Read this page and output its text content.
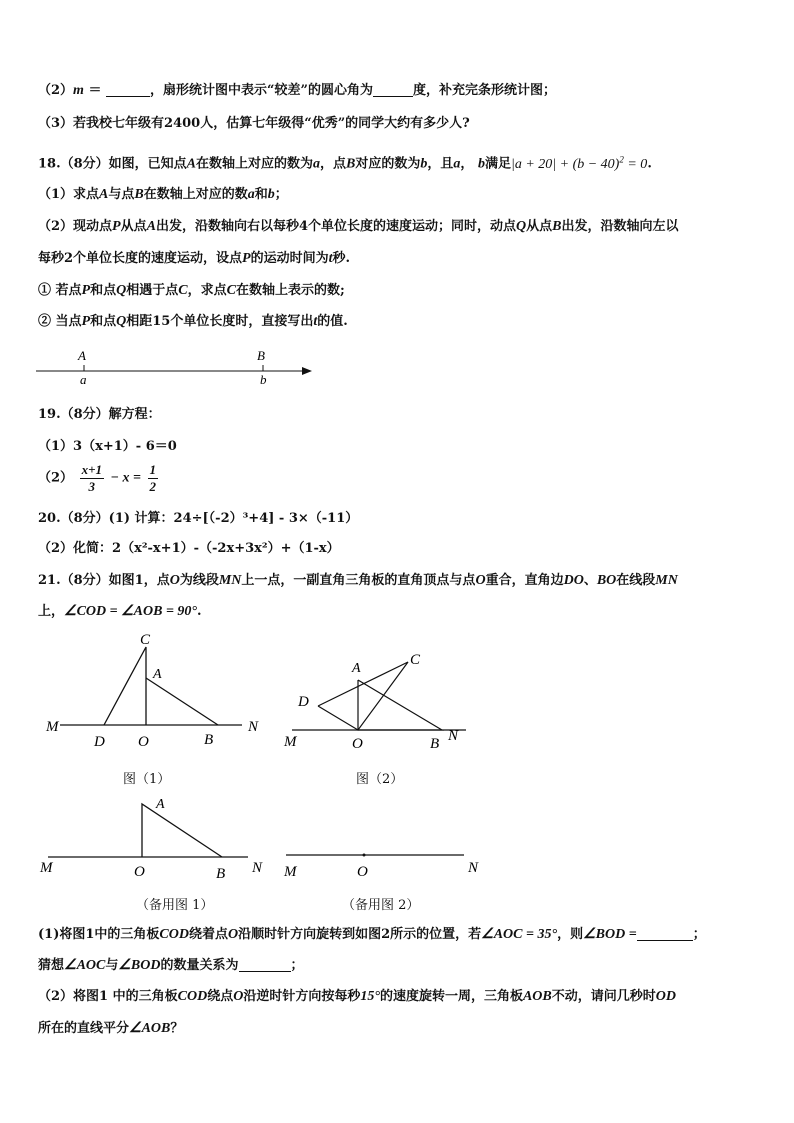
（2）m ＝	，扇形统计图中表示“较差”的圆心角为	度，补充完条形统计图；
（3）若我校七年级有2400人，估算七年级得“优秀”的同学大约有多少人?
18.（8分）如图，已知点A在数轴上对应的数为a，点B对应的数为b，且a， b满足$|a + 20| + (b - 40)^2 = 0$.
（1）求点A与点B在数轴上对应的数a和b；
（2）现动点P从点A出发，沿数轴向右以每秒4个单位长度的速度运动；同时，动点Q从点B出发，沿数轴向左以
每秒2个单位长度的速度运动，设点P的运动时间为t秒.
① 若点P和点Q相遇于点C，求点C在数轴上表示的数;
② 当点P和点Q相距15个单位长度时，直接写出t的值.
A	B
a	b
19.（8分）解方程：
（1）3（x+1）- 6＝0
$(2) \frac{x+1}{3} - x = \frac{1}{2}$
20.（8分）(1) 计算：24÷[（-2）³+4] - 3×（-11）
（2）化简：2（x²-x+1）-（-2x+3x²）+（1-x）
21.（8分）如图1，点O为线段MN上一点，一副直角三角板的直角顶点与点O重合，直角边DO、BO在线段MN
上，∠COD = ∠AOB = 90°.
M	N
C
A
D O	B
图（1）
M	N
C
A
D
O	B
图（2）
M	N
A
O	B
（备用图 1）
M	N
O
（备用图 2）
(1)将图1中的三角板COD绕着点O沿顺时针方向旋转到如图2所示的位置，若∠AOC = 35°，则∠BOD =	；
猜想∠AOC与∠BOD的数量关系为	；
（2）将图1 中的三角板COD绕点O沿逆时针方向按每秒15°的速度旋转一周，三角板AOB不动，请问几秒时OD
所在的直线平分∠AOB？
